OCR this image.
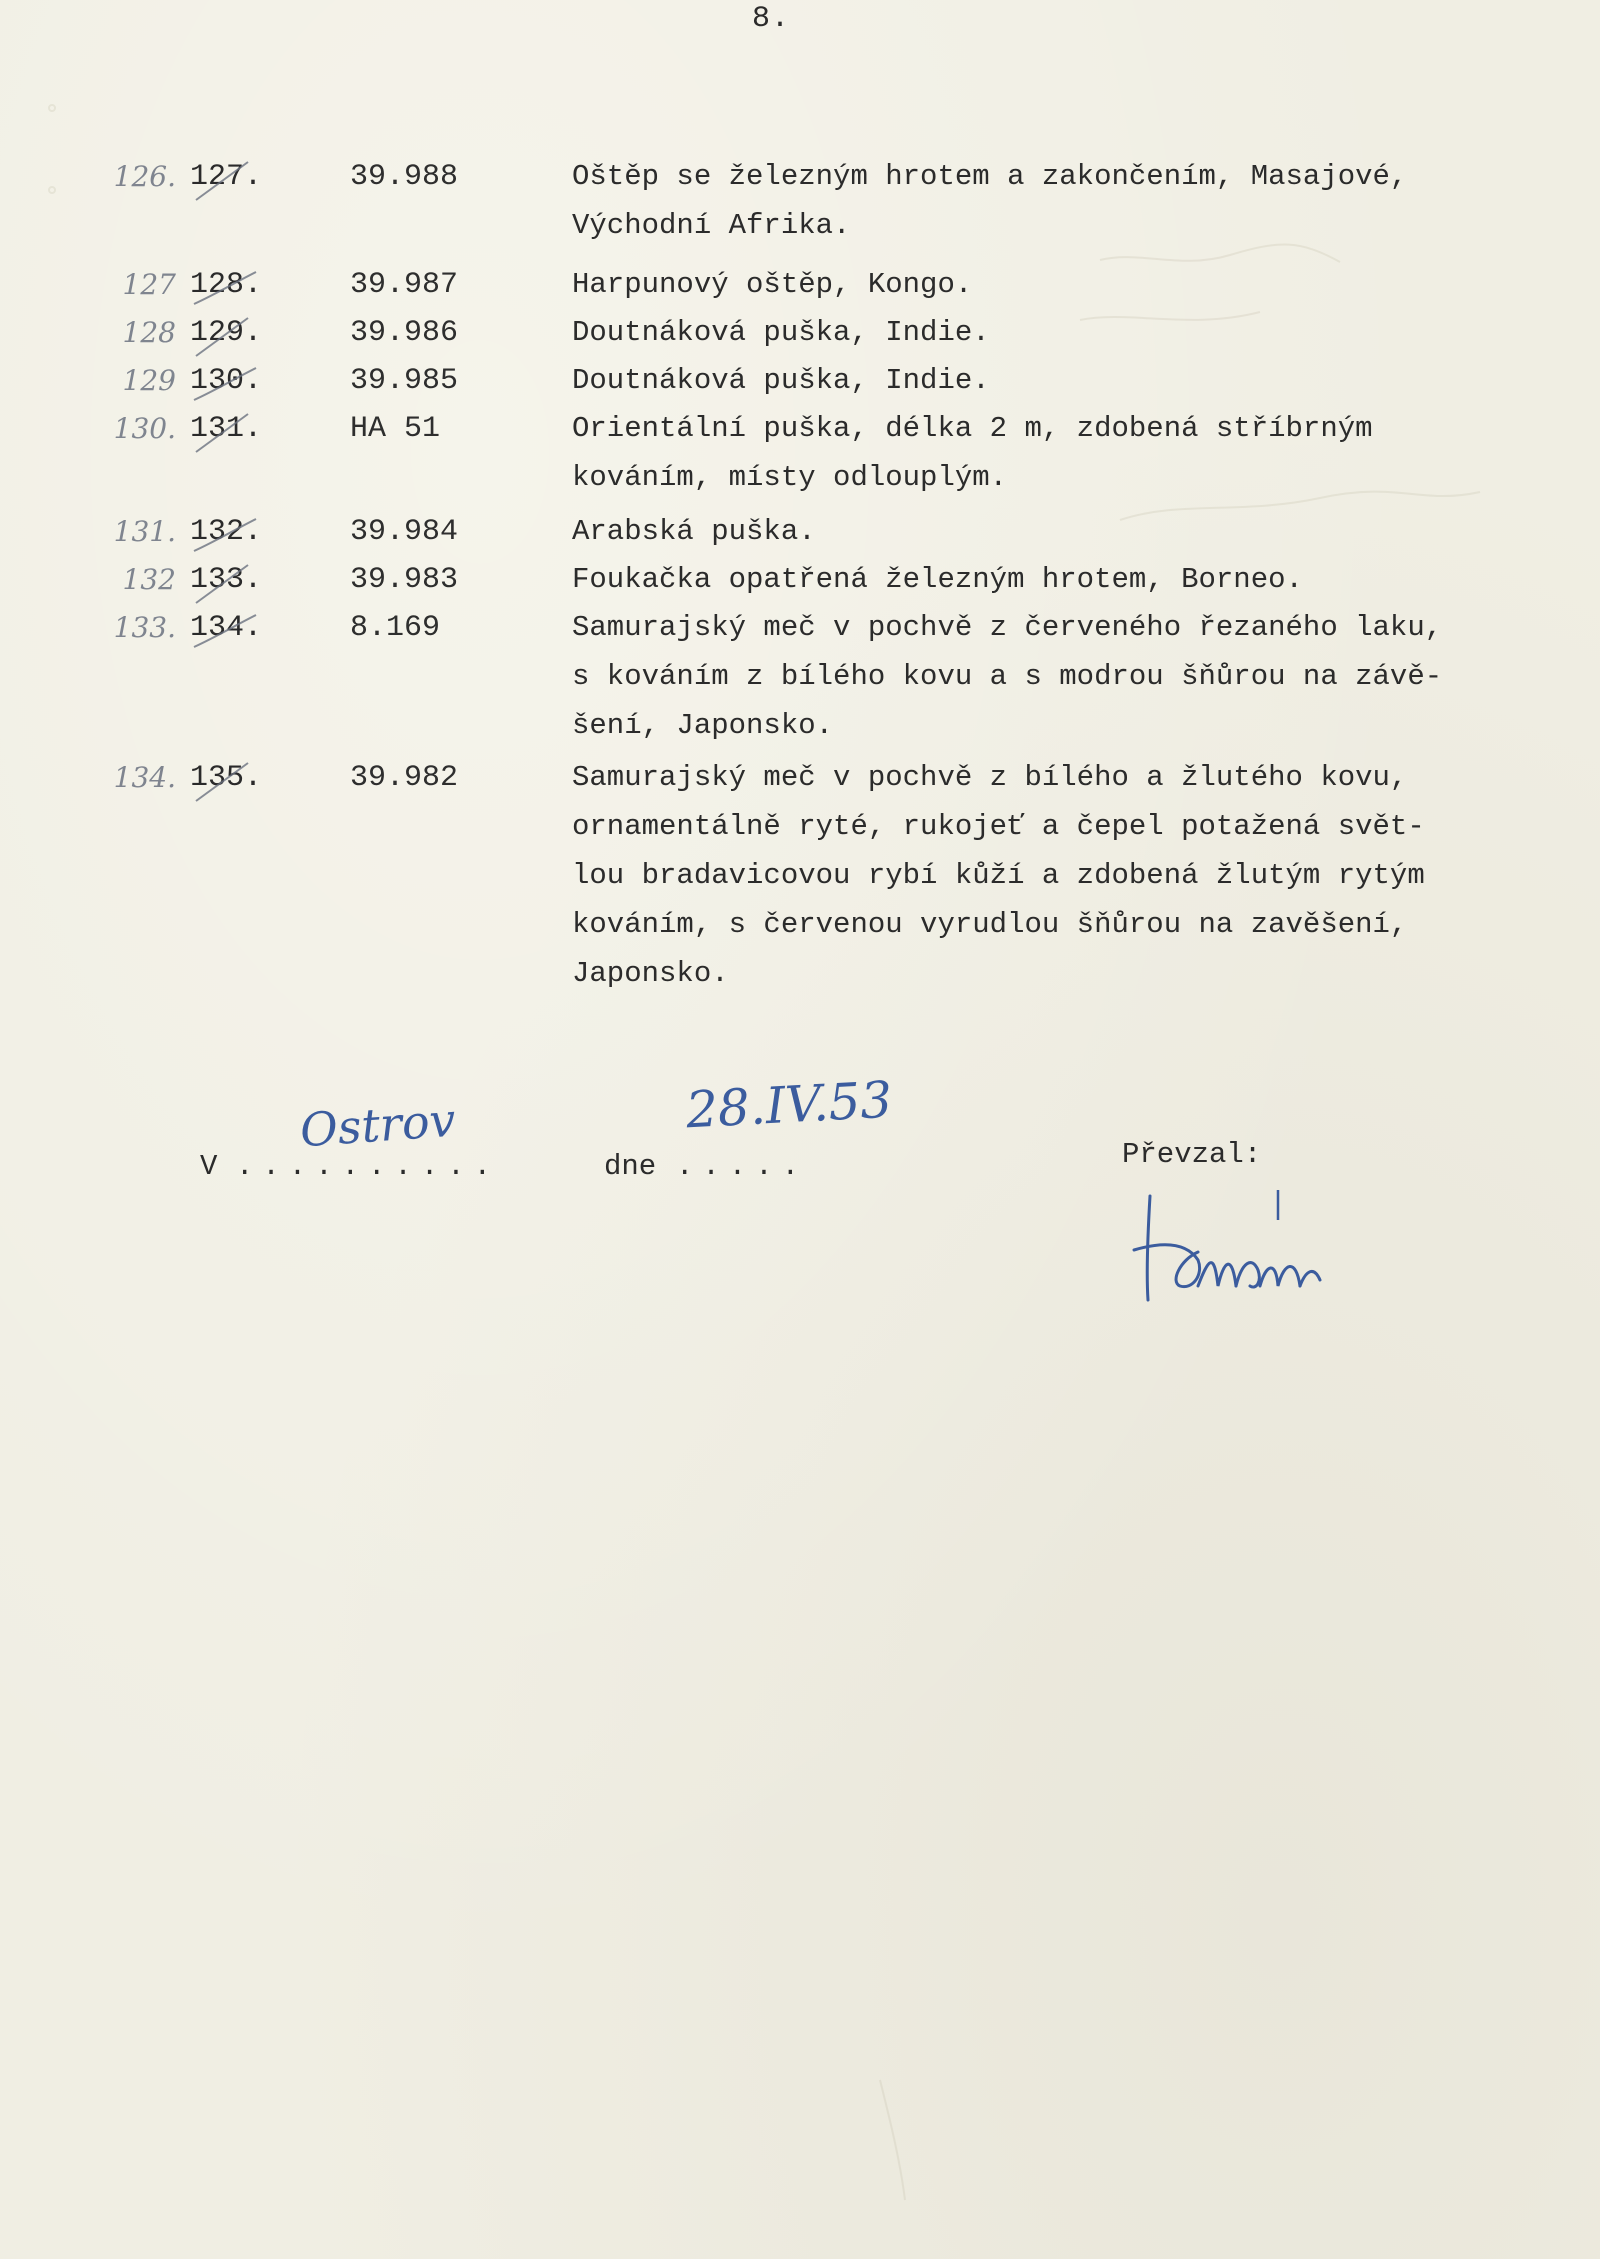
8.
126. 127.	39.988	Oštěp se železným hrotem a zakončením, Masajové,
Východní Afrika.
127 128.	39.987	Harpunový oštěp, Kongo.
128 129.	39.986	Doutnáková puška, Indie.
129 130.	39.985	Doutnáková puška, Indie.
130. 131.	HA 51	Orientální puška, délka 2 m, zdobená stříbrným
kováním, místy odlouplým.
131. 132.	39.984	Arabská puška.
132 133.	39.983	Foukačka opatřená železným hrotem, Borneo.
133. 134.	8.169	Samurajský meč v pochvě z červeného řezaného laku,
s kováním z bílého kovu a s modrou šňůrou na závě-
šení, Japonsko.
134. 135.	39.982	Samurajský meč v pochvě z bílého a žlutého kovu,
ornamentálně ryté, rukojeť a čepel potažená svět-
lou bradavicovou rybí kůží a zdobená žlutým rytým
kováním, s červenou vyrudlou šňůrou na zavěšení,
Japonsko.
V ..........
Ostrov
dne .....
28.IV.53
Převzal:
